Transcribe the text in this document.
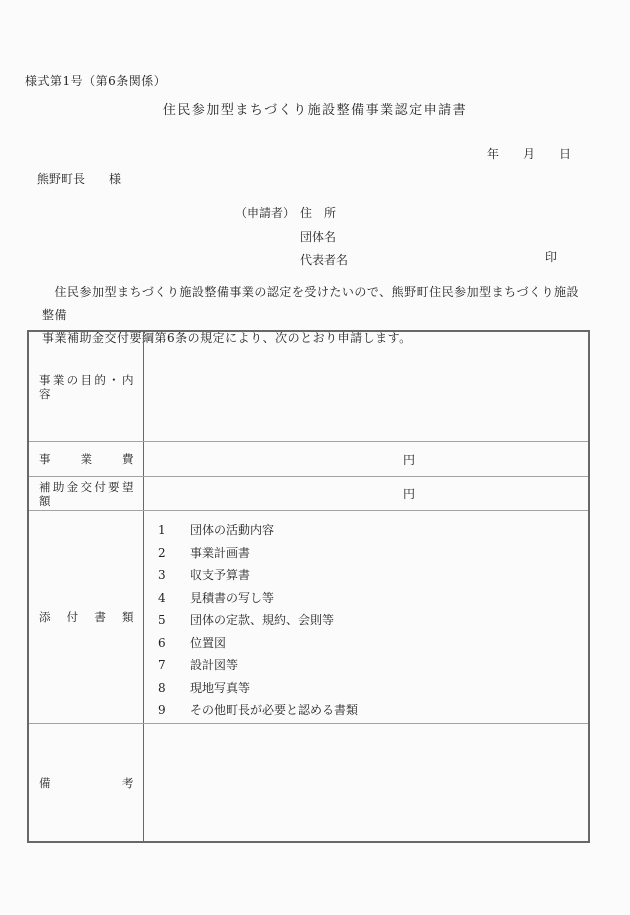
様式第1号（第6条関係）
住民参加型まちづくり施設整備事業認定申請書
年　　月　　日
熊野町長　　様
（申請者） 住　所
団体名
代表者名	印
　住民参加型まちづくり施設整備事業の認定を受けたいので、熊野町住民参加型まちづくり施設整備
事業補助金交付要綱第6条の規定により、次のとおり申請します。
事業の目的・内容
事　　業　　費	円
補助金交付要望額	円
添　付　書　類
1	団体の活動内容
2	事業計画書
3	収支予算書
4	見積書の写し等
5	団体の定款、規約、会則等
6	位置図
7	設計図等
8	現地写真等
9	その他町長が必要と認める書類
備　　　　考
